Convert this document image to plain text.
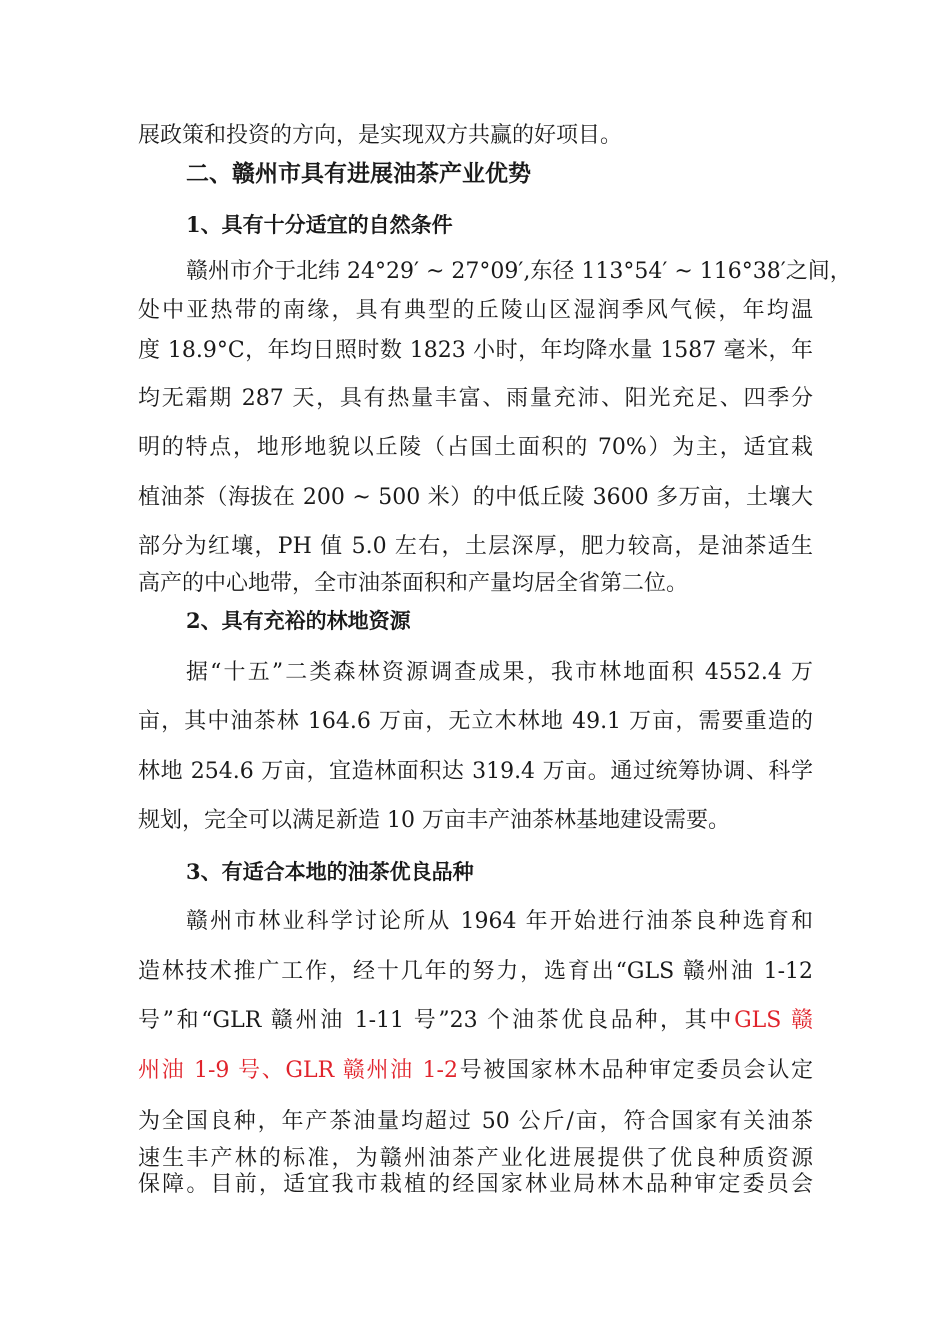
展政策和投资的方向，是实现双方共赢的好项目。
二、赣州市具有进展油茶产业优势
1、具有十分适宜的自然条件
赣州市介于北纬 24°29′ ~ 27°09′,东径 113°54′ ~ 116°38′之间，
处中亚热带的南缘，具有典型的丘陵山区湿润季风气候，年均温
度 18.9°C，年均日照时数 1823 小时，年均降水量 1587 毫米，年
均无霜期 287 天，具有热量丰富、雨量充沛、阳光充足、四季分
明的特点，地形地貌以丘陵（占国土面积的 70%）为主，适宜栽
植油茶（海拔在 200 ~ 500 米）的中低丘陵 3600 多万亩，土壤大
部分为红壤，PH 值 5.0 左右，土层深厚，肥力较高，是油茶适生
高产的中心地带，全市油茶面积和产量均居全省第二位。
2、具有充裕的林地资源
据“十五”二类森林资源调查成果，我市林地面积 4552.4 万
亩，其中油茶林 164.6 万亩，无立木林地 49.1 万亩，需要重造的
林地 254.6 万亩，宜造林面积达 319.4 万亩。通过统筹协调、科学
规划，完全可以满足新造 10 万亩丰产油茶林基地建设需要。
3、有适合本地的油茶优良品种
赣州市林业科学讨论所从 1964 年开始进行油茶良种选育和
造林技术推广工作，经十几年的努力，选育出“GLS 赣州油 1-12
号”和“GLR 赣州油 1-11 号”23 个油茶优良品种，其中GLS 赣
州油 1-9 号、GLR 赣州油 1-2号被国家林木品种审定委员会认定
为全国良种，年产茶油量均超过 50 公斤/亩，符合国家有关油茶
速生丰产林的标准，为赣州油茶产业化进展提供了优良种质资源
保障。目前，适宜我市栽植的经国家林业局林木品种审定委员会
